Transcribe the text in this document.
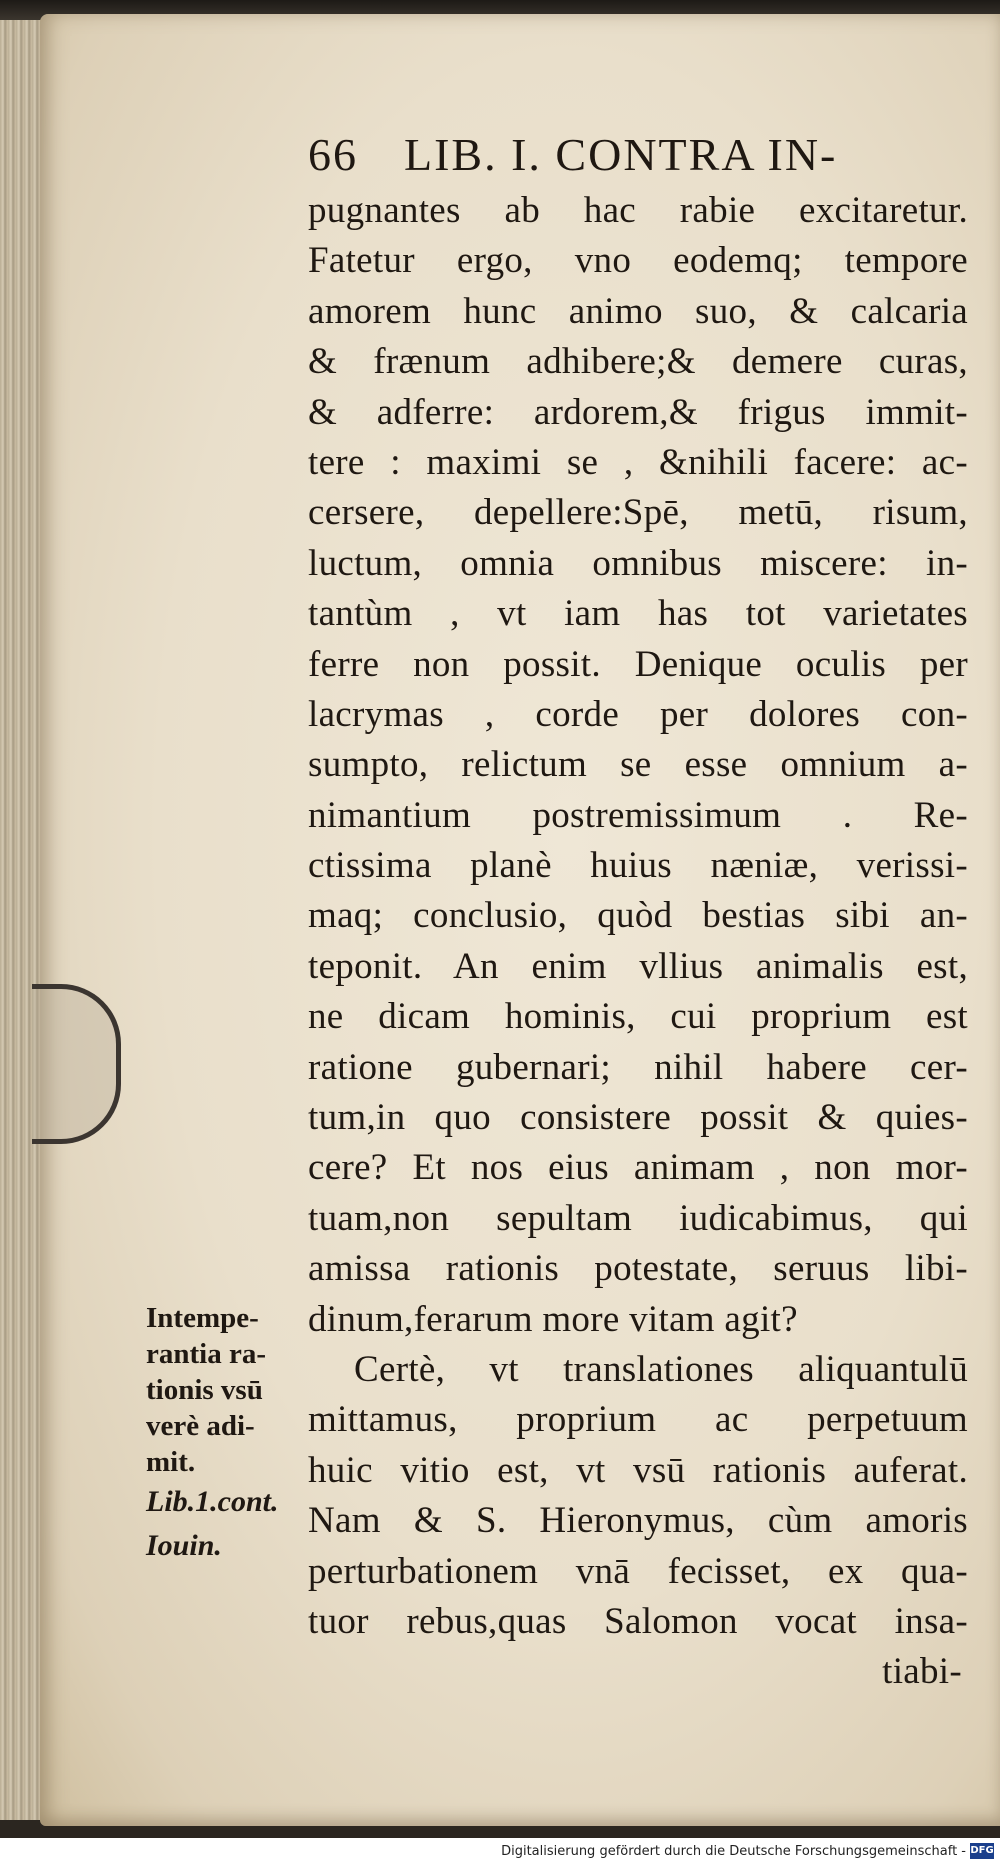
66 LIB. I. CONTRA IN-
pugnantes ab hac rabie excitaretur.
Fatetur ergo, vno eodemq; tempore
amorem hunc animo suo, & calcaria
& frænum adhibere;& demere curas,
& adferre: ardorem,& frigus immit-
tere : maximi se , &nihili facere: ac-
cersere, depellere:Spē, metū, risum,
luctum, omnia omnibus miscere: in-
tantùm , vt iam has tot varietates
ferre non possit. Denique oculis per
lacrymas , corde per dolores con-
sumpto, relictum se esse omnium a-
nimantium postremissimum . Re-
ctissima planè huius næniæ, verissi-
maq; conclusio, quòd bestias sibi an-
teponit. An enim vllius animalis est,
ne dicam hominis, cui proprium est
ratione gubernari; nihil habere cer-
tum,in quo consistere possit & quies-
cere? Et nos eius animam , non mor-
tuam,non sepultam iudicabimus, qui
amissa rationis potestate, seruus libi-
dinum,ferarum more vitam agit?
Certè, vt translationes aliquantulū
mittamus, proprium ac perpetuum
huic vitio est, vt vsū rationis auferat.
Nam & S. Hieronymus, cùm amoris
perturbationem vnā fecisset, ex qua-
tuor rebus,quas Salomon vocat insa-
tiabi-
Intempe-
rantia ra-
tionis vsū
verè adi-
mit.
Lib.1.cont.
Iouin.
Digitalisierung gefördert durch die Deutsche Forschungsgemeinschaft - DFG
